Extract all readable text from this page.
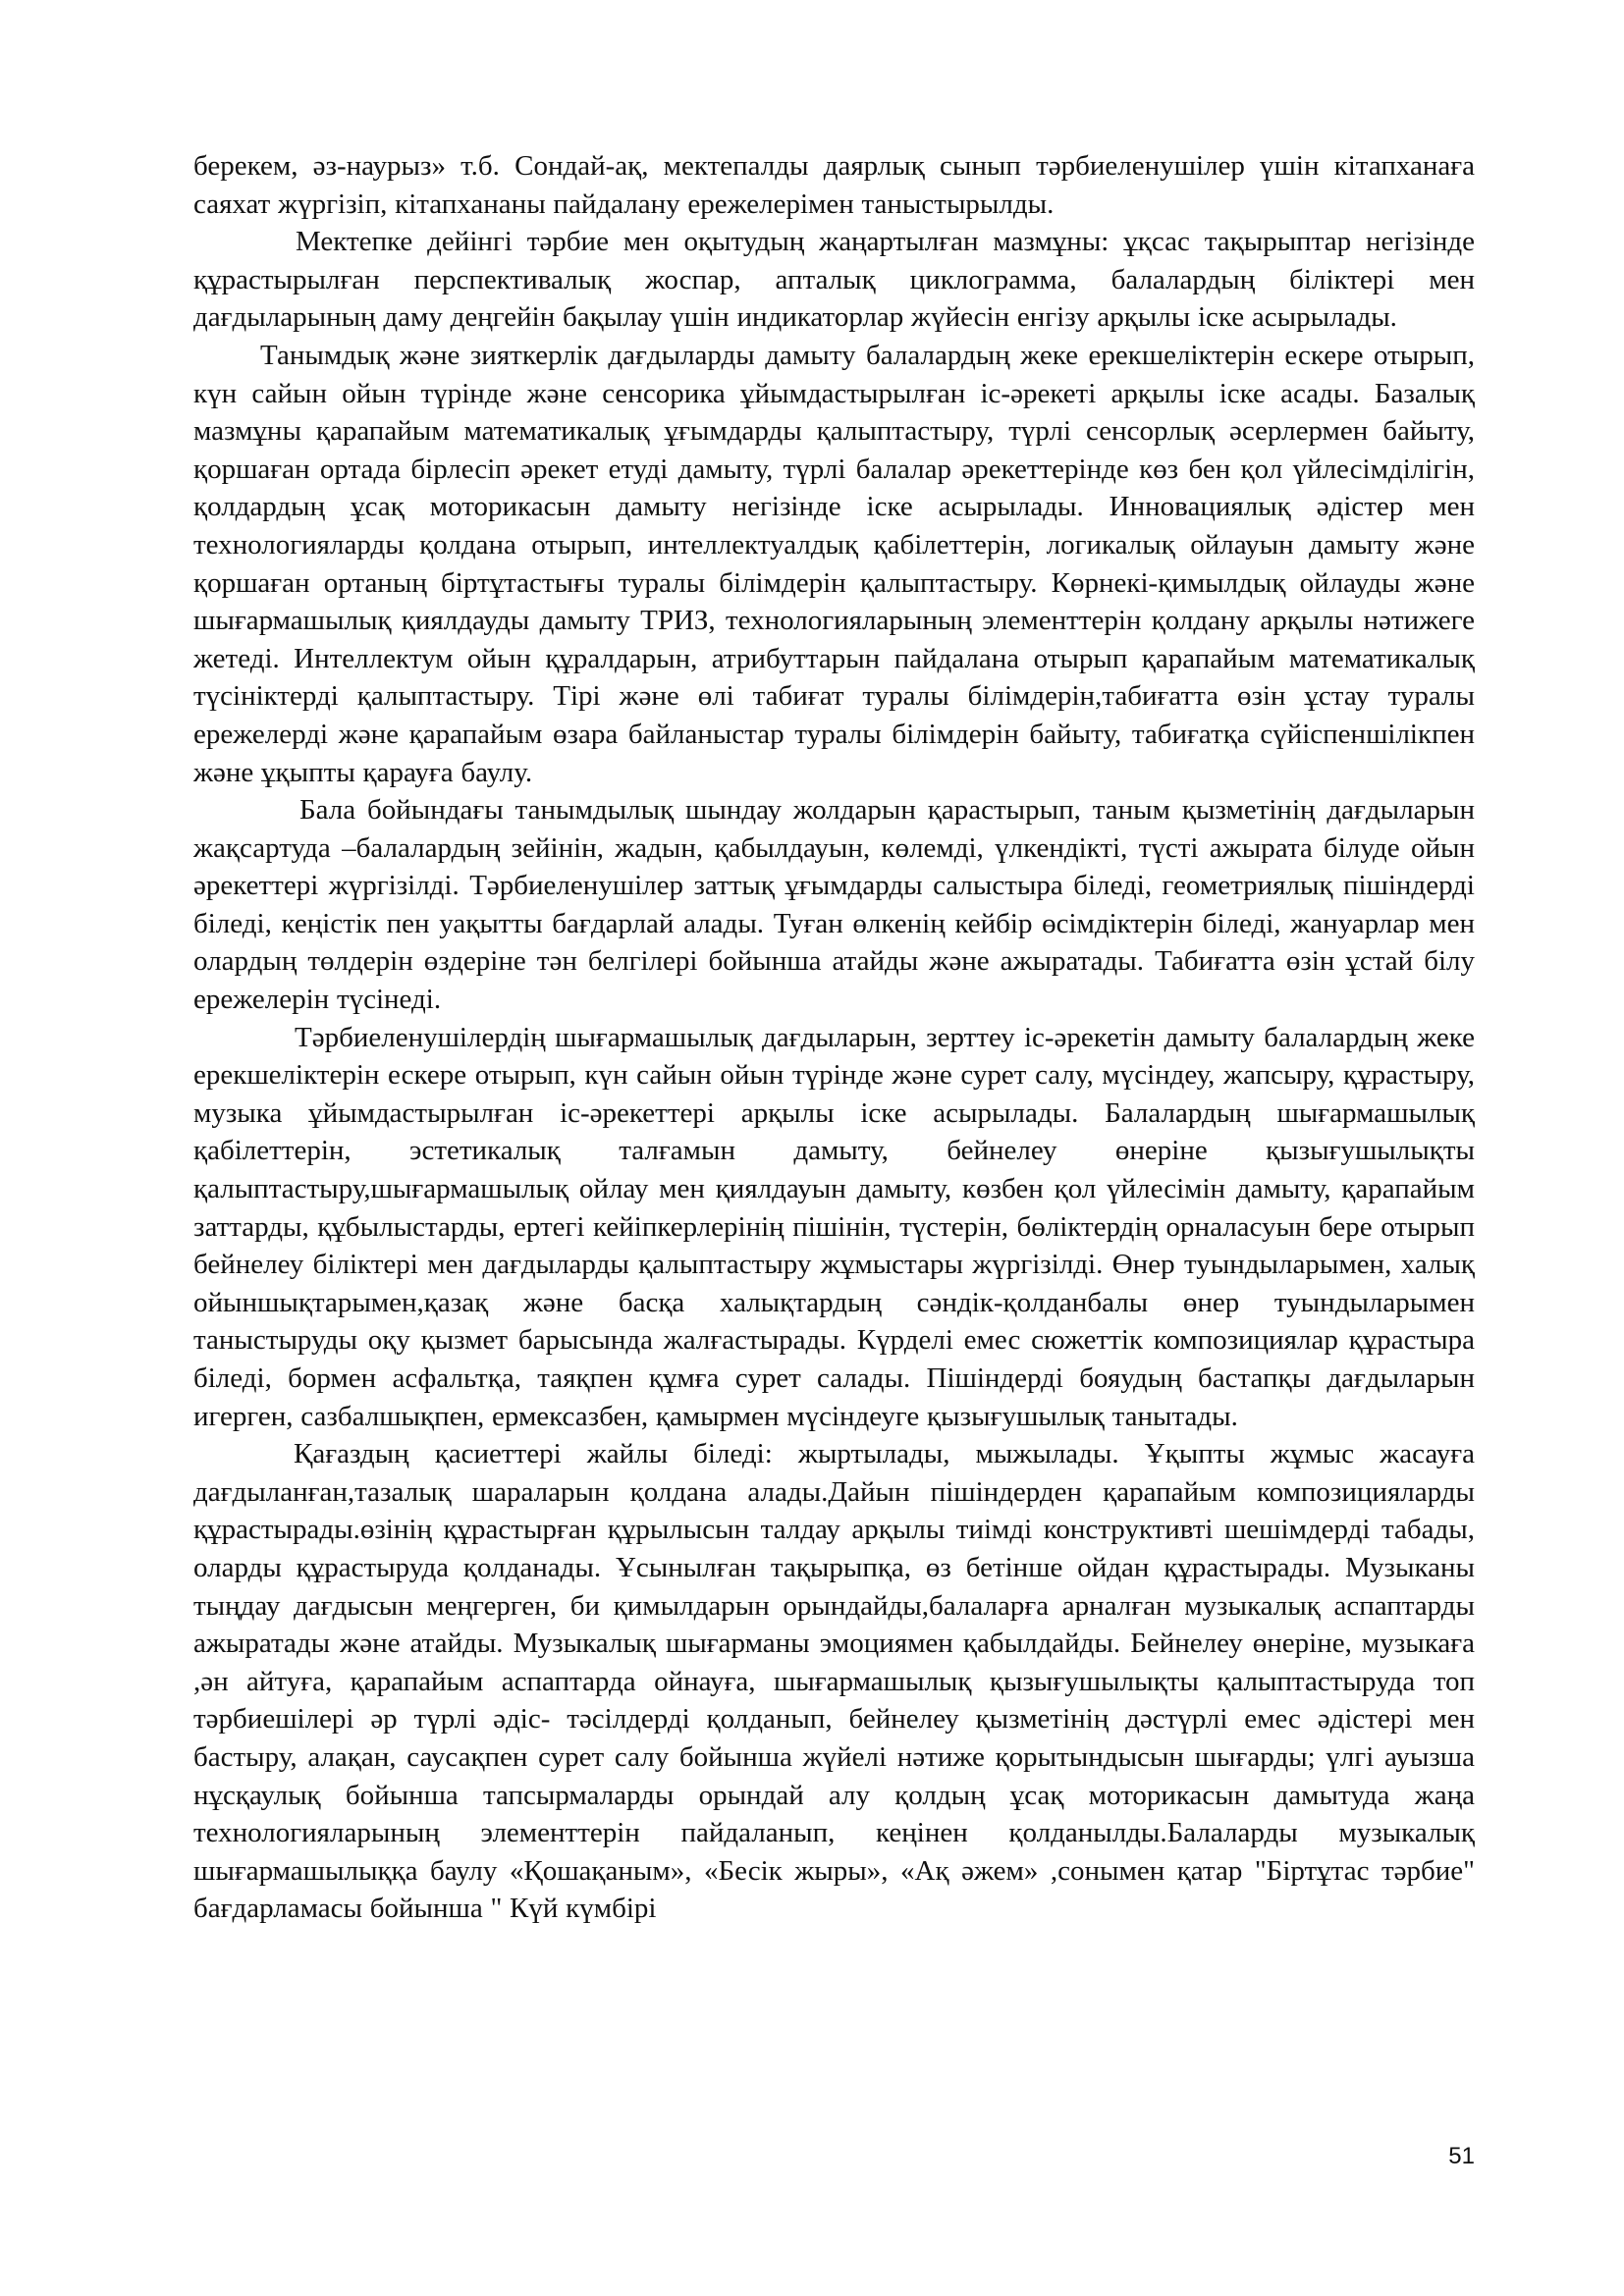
берекем, әз-наурыз» т.б. Сондай-ақ, мектепалды даярлық сынып тәрбиеленушілер үшін кітапханаға саяхат жүргізіп, кітапхананы пайдалану ережелерімен таныстырылды.

Мектепке дейінгі тәрбие мен оқытудың жаңартылған мазмұны: ұқсас тақырыптар негізінде құрастырылған перспективалық жоспар, апталық циклограмма, балалардың біліктері мен дағдыларының даму деңгейін бақылау үшін индикаторлар жүйесін енгізу арқылы іске асырылады.

Танымдық және зияткерлік дағдыларды дамыту балалардың жеке ерекшеліктерін ескере отырып, күн сайын ойын түрінде және сенсорика ұйымдастырылған іс-әрекеті арқылы іске асады. Базалық мазмұны қарапайым математикалық ұғымдарды қалыптастыру, түрлі сенсорлық әсерлермен байыту, қоршаған ортада бірлесіп әрекет етуді дамыту, түрлі балалар әрекеттерінде көз бен қол үйлесімділігін, қолдардың ұсақ моторикасын дамыту негізінде іске асырылады. Инновациялық әдістер мен технологияларды қолдана отырып, интеллектуалдық қабілеттерін, логикалық ойлауын дамыту және қоршаған ортаның біртұтастығы туралы білімдерін қалыптастыру. Көрнекі-қимылдық ойлауды және шығармашылық қиялдауды дамыту ТРИЗ, технологияларының элементтерін қолдану арқылы нәтижеге жетеді. Интеллектум ойын құралдарын, атрибуттарын пайдалана отырып қарапайым математикалық түсініктерді қалыптастыру. Тірі және өлі табиғат туралы білімдерін,табиғатта өзін ұстау туралы ережелерді және қарапайым өзара байланыстар туралы білімдерін байыту, табиғатқа сүйіспеншілікпен және ұқыпты қарауға баулу.

Бала бойындағы танымдылық шындау жолдарын қарастырып, таным қызметінің дағдыларын жақсартуда –балалардың зейінін, жадын, қабылдауын, көлемді, үлкендікті, түсті ажырата білуде ойын әрекеттері жүргізілді. Тәрбиеленушілер заттық ұғымдарды салыстыра біледі, геометриялық пішіндерді біледі, кеңістік пен уақытты бағдарлай алады. Туған өлкенің кейбір өсімдіктерін біледі, жануарлар мен олардың төлдерін өздеріне тән белгілері бойынша атайды және ажыратады. Табиғатта өзін ұстай білу ережелерін түсінеді.

Тәрбиеленушілердің шығармашылық дағдыларын, зерттеу іс-әрекетін дамыту балалардың жеке ерекшеліктерін ескере отырып, күн сайын ойын түрінде және сурет салу, мүсіндеу, жапсыру, құрастыру, музыка ұйымдастырылған іс-әрекеттері арқылы іске асырылады. Балалардың шығармашылық қабілеттерін, эстетикалық талғамын дамыту, бейнелеу өнеріне қызығушылықты қалыптастыру,шығармашылық ойлау мен қиялдауын дамыту, көзбен қол үйлесімін дамыту, қарапайым заттарды, құбылыстарды, ертегі кейіпкерлерінің пішінін, түстерін, бөліктердің орналасуын бере отырып бейнелеу біліктері мен дағдыларды қалыптастыру жұмыстары жүргізілді. Өнер туындыларымен, халық ойыншықтарымен,қазақ және басқа халықтардың сәндік-қолданбалы өнер туындыларымен таныстыруды оқу қызмет барысында жалғастырады. Күрделі емес сюжеттік композициялар құрастыра біледі, бормен асфальтқа, таяқпен құмға сурет салады. Пішіндерді бояудың бастапқы дағдыларын игерген, сазбалшықпен, ермексазбен, қамырмен мүсіндеуге қызығушылық танытады.

Қағаздың қасиеттері жайлы біледі: жыртылады, мыжылады. Ұқыпты жұмыс жасауға дағдыланған,тазалық шараларын қолдана алады.Дайын пішіндерден қарапайым композицияларды құрастырады.өзінің құрастырған құрылысын талдау арқылы тиімді конструктивті шешімдерді табады, оларды құрастыруда қолданады. Ұсынылған тақырыпқа, өз бетінше ойдан құрастырады. Музыканы тыңдау дағдысын меңгерген, би қимылдарын орындайды,балаларға арналған музыкалық аспаптарды ажыратады және атайды. Музыкалық шығарманы эмоциямен қабылдайды. Бейнелеу өнеріне, музыкаға ,ән айтуға, қарапайым аспаптарда ойнауға, шығармашылық қызығушылықты қалыптастыруда топ тәрбиешілері әр түрлі әдіс- тәсілдерді қолданып, бейнелеу қызметінің дәстүрлі емес әдістері мен бастыру, алақан, саусақпен сурет салу бойынша жүйелі нәтиже қорытындысын шығарды; үлгі ауызша нұсқаулық бойынша тапсырмаларды орындай алу қолдың ұсақ моторикасын дамытуда жаңа технологияларының элементтерін пайдаланып, кеңінен қолданылды.Балаларды музыкалық шығармашылыққа баулу «Қошақаным», «Бесік жыры», «Ақ әжем» ,сонымен қатар "Біртұтас тәрбие" бағдарламасы бойынша " Күй күмбірі

51
